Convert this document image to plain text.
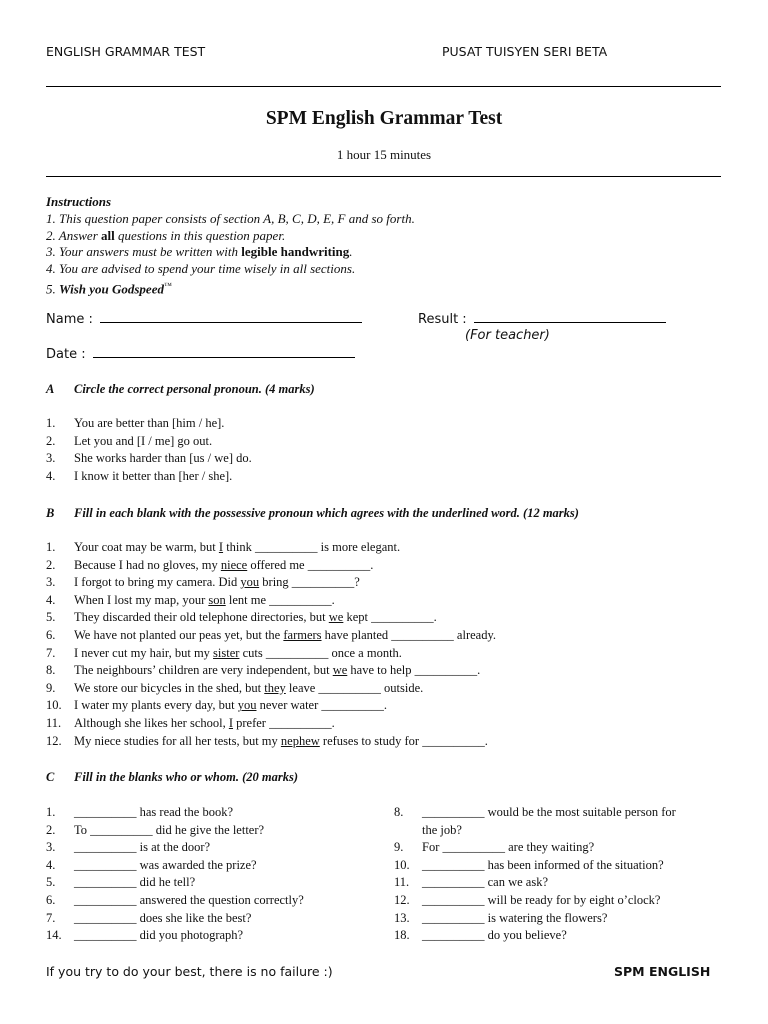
ENGLISH GRAMMAR TEST	PUSAT TUISYEN SERI BETA
SPM English Grammar Test
1 hour 15 minutes
Instructions
1. This question paper consists of section A, B, C, D, E, F and so forth.
2. Answer all questions in this question paper.
3. Your answers must be written with legible handwriting.
4. You are advised to spend your time wisely in all sections.
5. Wish you Godspeed™
Name :	Result :
(For teacher)
Date :
A Circle the correct personal pronoun. (4 marks)
1.	You are better than [him / he].
2.	Let you and [I / me] go out.
3.	She works harder than [us / we] do.
4.	I know it better than [her / she].
B Fill in each blank with the possessive pronoun which agrees with the underlined word. (12 marks)
1.	Your coat may be warm, but I think __________ is more elegant.
2.	Because I had no gloves, my niece offered me __________.
3.	I forgot to bring my camera. Did you bring __________?
4.	When I lost my map, your son lent me __________.
5.	They discarded their old telephone directories, but we kept __________.
6.	We have not planted our peas yet, but the farmers have planted __________ already.
7.	I never cut my hair, but my sister cuts __________ once a month.
8.	The neighbours’ children are very independent, but we have to help __________.
9.	We store our bicycles in the shed, but they leave __________ outside.
10. I water my plants every day, but you never water __________.
11.	Although she likes her school, I prefer __________.
12. My niece studies for all her tests, but my nephew refuses to study for __________.
C Fill in the blanks who or whom. (20 marks)
1.	__________ has read the book?
2.	To __________ did he give the letter?
3.	__________ is at the door?
4.	__________ was awarded the prize?
5.	__________ did he tell?
6.	__________ answered the question correctly?
7.	__________ does she like the best?
14. __________ did you photograph?
8.	__________ would be the most suitable person for
the job?
9.	For __________ are they waiting?
10. __________ has been informed of the situation?
11.	__________ can we ask?
12. __________ will be ready for by eight o’clock?
13. __________ is watering the flowers?
18. __________ do you believe?
If you try to do your best, there is no failure :)	SPM ENGLISH
